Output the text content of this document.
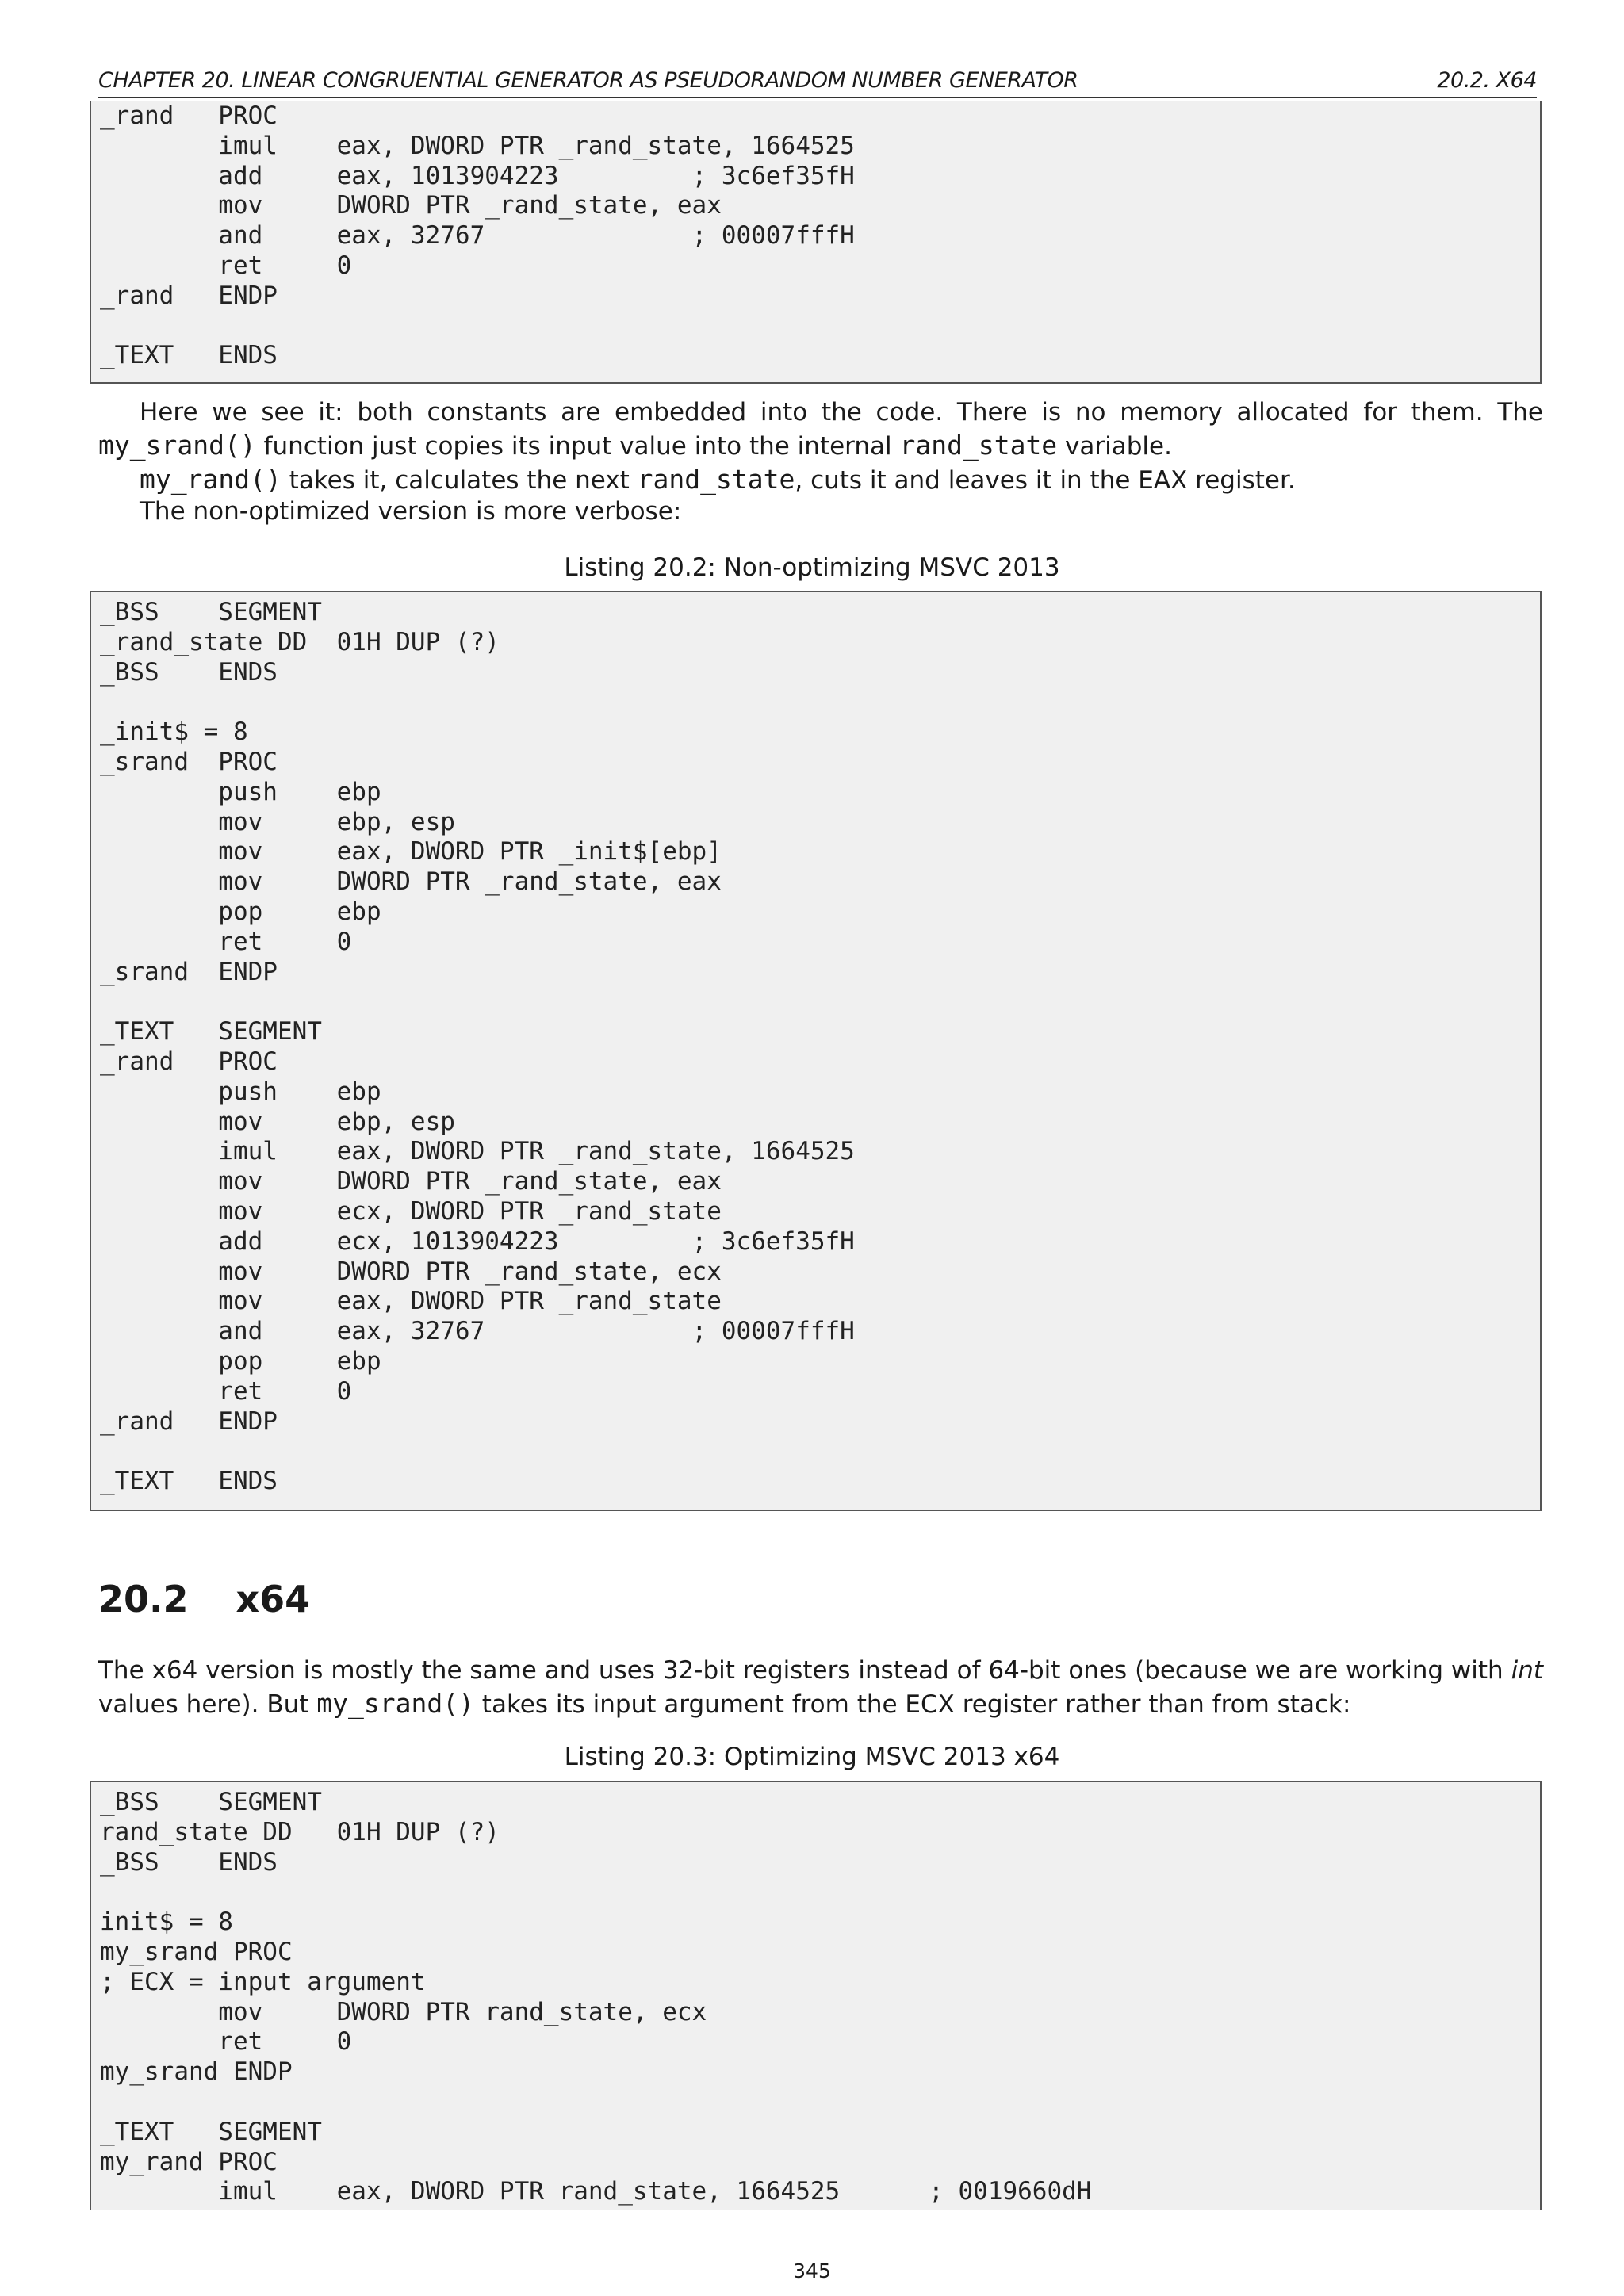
CHAPTER 20. LINEAR CONGRUENTIAL GENERATOR AS PSEUDORANDOM NUMBER GENERATOR	20.2. X64
_rand   PROC
imul    eax, DWORD PTR _rand_state, 1664525
add     eax, 1013904223         ; 3c6ef35fH
mov     DWORD PTR _rand_state, eax
and     eax, 32767              ; 00007fffH
ret     0
_rand   ENDP
_TEXT   ENDS
Here we see it: both constants are embedded into the code. There is no memory allocated for them. The my_srand() function just copies its input value into the internal rand_state variable.
my_rand() takes it, calculates the next rand_state, cuts it and leaves it in the EAX register.
The non-optimized version is more verbose:
Listing 20.2: Non-optimizing MSVC 2013
_BSS    SEGMENT
_rand_state DD  01H DUP (?)
_BSS    ENDS
_init$ = 8
_srand  PROC
push    ebp
mov     ebp, esp
mov     eax, DWORD PTR _init$[ebp]
mov     DWORD PTR _rand_state, eax
pop     ebp
ret     0
_srand  ENDP
_TEXT   SEGMENT
_rand   PROC
push    ebp
mov     ebp, esp
imul    eax, DWORD PTR _rand_state, 1664525
mov     DWORD PTR _rand_state, eax
mov     ecx, DWORD PTR _rand_state
add     ecx, 1013904223         ; 3c6ef35fH
mov     DWORD PTR _rand_state, ecx
mov     eax, DWORD PTR _rand_state
and     eax, 32767              ; 00007fffH
pop     ebp
ret     0
_rand   ENDP
_TEXT   ENDS
20.2 x64
The x64 version is mostly the same and uses 32-bit registers instead of 64-bit ones (because we are working with int values here). But my_srand() takes its input argument from the ECX register rather than from stack:
Listing 20.3: Optimizing MSVC 2013 x64
_BSS    SEGMENT
rand_state DD   01H DUP (?)
_BSS    ENDS
init$ = 8
my_srand PROC
; ECX = input argument
mov     DWORD PTR rand_state, ecx
ret     0
my_srand ENDP
_TEXT   SEGMENT
my_rand PROC
imul    eax, DWORD PTR rand_state, 1664525      ; 0019660dH
345
